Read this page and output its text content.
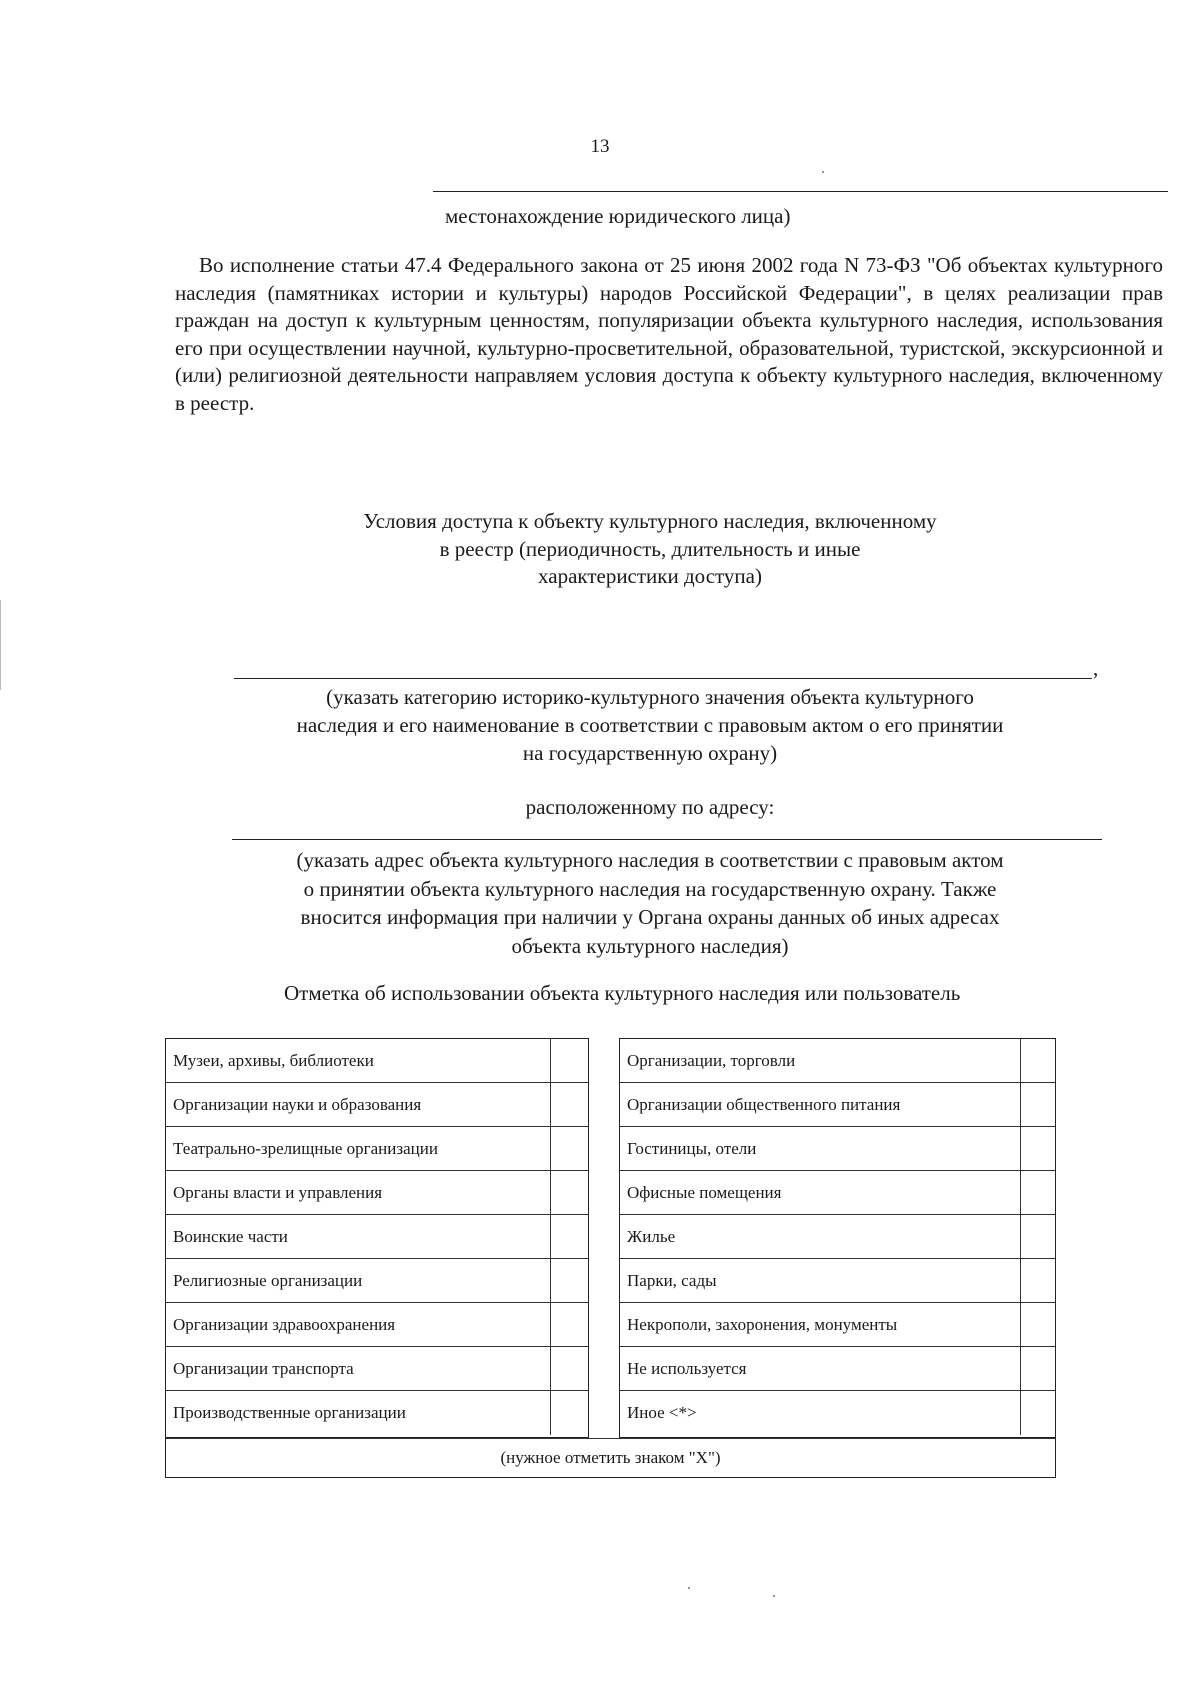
13
местонахождение юридического лица)

Во исполнение статьи 47.4 Федерального закона от 25 июня 2002 года N 73-ФЗ "Об объектах культурного наследия (памятниках истории и культуры) народов Российской Федерации", в целях реализации прав граждан на доступ к культурным ценностям, популяризации объекта культурного наследия, использования его при осуществлении научной, культурно-просветительной, образовательной, туристской, экскурсионной и (или) религиозной деятельности направляем условия доступа к объекту культурного наследия, включенному в реестр.

Условия доступа к объекту культурного наследия, включенному
в реестр (периодичность, длительность и иные
характеристики доступа)
,
(указать категорию историко-культурного значения объекта культурного
наследия и его наименование в соответствии с правовым актом о его принятии
на государственную охрану)
расположенному по адресу:
(указать адрес объекта культурного наследия в соответствии с правовым актом
о принятии объекта культурного наследия на государственную охрану. Также
вносится информация при наличии у Органа охраны данных об иных адресах
объекта культурного наследия)
Отметка об использовании объекта культурного наследия или пользователь
Музеи, архивы, библиотеки
Организации науки и образования
Театрально-зрелищные организации
Органы власти и управления
Воинские части
Религиозные организации
Организации здравоохранения
Организации транспорта
Производственные организации
Организации, торговли
Организации общественного питания
Гостиницы, отели
Офисные помещения
Жилье
Парки, сады
Некрополи, захоронения, монументы
Не используется
Иное <*>
(нужное отметить знаком "X")
